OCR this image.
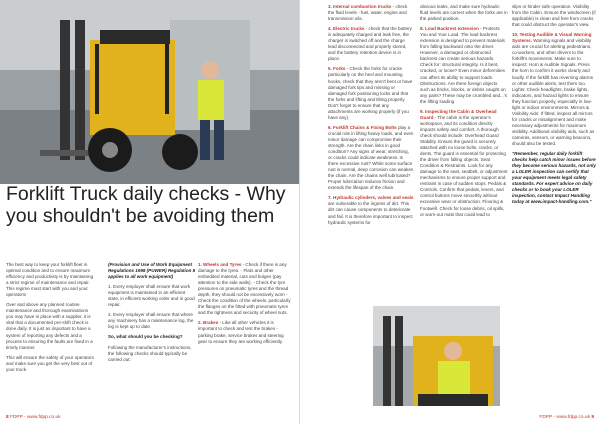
Forklift Truck daily checks - Why you shouldn't be avoiding them

The best way to keep your forklift fleet in optimal condition and to ensure maximum efficiency and productivity is by maintaining a strict regime of maintenance and repair. This regime must start with you and your operators!

Over and above any planned routine maintenance and thorough examinations you may have in place with a supplier, it is vital that a documented pre-shift check is done daily. It is just as important to have a system of reporting any defects and a process to ensuring the faults are fixed in a timely manner.

This will ensure the safety of your operators and make sure you get the very best out of your truck.

(Provision and Use of Work Equipment Regulations 1998 (PUWER) Regulation 5 applies to all work equipment)

1. Every employer shall ensure that work equipment is maintained in an efficient state, in efficient working order and in good repair.

2. Every employer shall ensure that where any machinery has a maintenance log, the log is kept up to date.

So, what should you be checking?

Following the manufacturer's instructions, the following checks should typically be carried out:

1. Wheels and Tyres - Check if there is any damage to the tyres. - Flats and other embedded material, cuts and bulges (pay attention to the side walls). - Check the tyre pressures on pneumatic tyres and the thread depth, they should not be excessively worn - Check the condition of the wheels, particularly the flanges on the fitted with pneumatic tyres and the tightness and security of wheel nuts.

2. Brakes - Like all other vehicles it is important to check and test the brakes - parking brake, service brakes and steering gear to ensure they are working efficiently.

8 FDPP - www.fdpp.co.uk

3. Internal combustion trucks - check the fluid levels - fuel, water, engine and transmission oils.

4. Electric trucks - check that the battery is adequately charged and leak free, the charger is switched off and the charge lead disconnected and properly stored, and the battery retention device is in place.

5. Forks - Check the forks for cracks particularly on the heel and mounting hooks, check that they aren't bent or have damaged fork tips and missing or damaged fork positioning locks and that the forks and lifting and tilting properly. Don't forget to ensure that any attachments are working properly (if you have any).

6. Forklift Chains & Fixing Bolts play a crucial role in lifting heavy loads, and even minor damage can compromise their strength. Are the chain links in good condition? Any signs of wear, stretching, or cracks could indicate weakness. Is there excessive rust? While some surface rust is normal, deep corrosion can weaken the chain. Are the chains well lubricated? Proper lubrication reduces friction and extends the lifespan of the chain.

7. Hydraulic cylinders, valves and seals are vulnerable to the ingress of dirt. This dirt can cause components to deteriorate and fail. It is therefore important to inspect hydraulic systems for

obvious leaks, and make sure hydraulic fluid levels are correct when the forks are in the parked position.

8. Load Backrest extension - Protects You and Your Load. The load backrest extension is designed to prevent materials from falling backward onto the driver. However, a damaged or obstructed backrest can create serious hazards. Check for: structural integrity. Is it bent, cracked, or loose? Even minor deformities can affect its ability to support loads. Obstructions. Are there foreign objects such as bricks, blocks, or debris caught on any parts? These may be crumbled and...'s the lifting loading

9. Inspecting the Cabin & Overhead Guard - The cabin is the operator's workspace, and its condition directly impacts safety and comfort. A thorough check should include: Overhead Guard Stability. Ensure the guard is securely attached with no loose bolts, cracks, or dents. The guard is essential for protecting the driver from falling objects. Seat Condition & Restraints. Look for any damage to the seat, seatbelt, or adjustment mechanisms to ensure proper support and restraint in case of sudden stops. Pedals & Controls. Confirm that pedals, levers, and control buttons move smoothly without excessive wear or obstruction. Flooring & Footwell. Check for loose debris, oil spills, or worn-out mats that could lead to

slips or hinder safe operation. Visibility from the Cabin. Ensure the windscreen (if applicable) is clean and free from cracks that could obstruct the operator's view.

10. Testing Audible & Visual Warning Systems. Warning signals and visibility aids are crucial for alerting pedestrians, co-workers, and other drivers to the forklift's movements. Make sure to inspect: Horn & Audible Signals. Press the horn to confirm it works clearly and loudly. If the forklift has reversing alarms or other audible alerts, test them too. Lights: Check headlights, brake lights, indicators, and hazard lights to ensure they function properly, especially in low-light or indoor environments. Mirrors & Visibility Aids: If fitted, inspect all mirrors for cracks or misalignment and make necessary adjustments for maximum visibility. Additional visibility aids, such as cameras, sensors, or warning beacons, should also be tested.

"Remember, regular daily forklift checks help catch minor issues before they become serious hazards, not only a LOLER inspection can certify that your equipment meets legal safety standards. For expert advice on daily checks or to book your LOLER inspection, contact Impact Handling today at www.impact-handling.com."

FDPP - www.fdpp.co.uk 9
